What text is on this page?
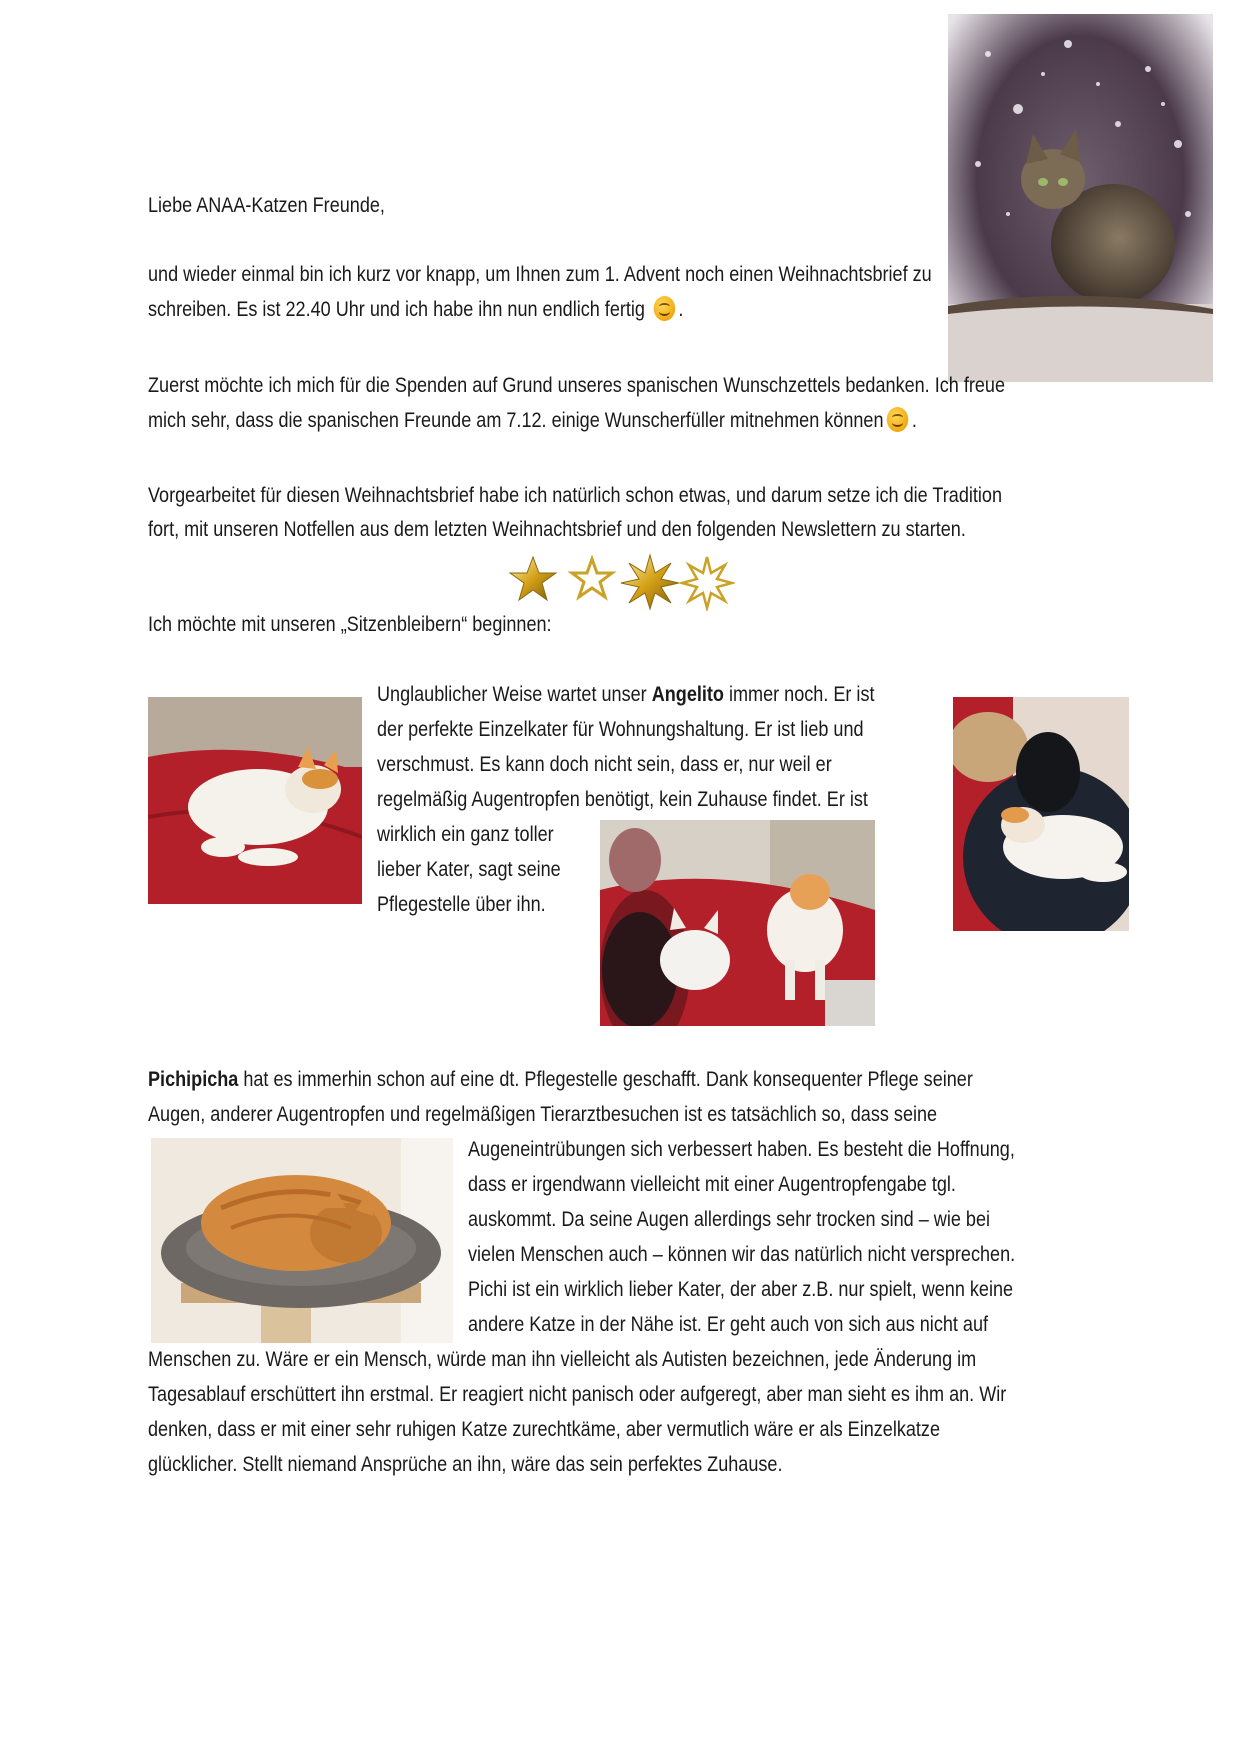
Liebe ANAA-Katzen Freunde,
und wieder einmal bin ich kurz vor knapp, um Ihnen zum 1. Advent noch einen Weihnachtsbrief zu
schreiben. Es ist 22.40 Uhr und ich habe ihn nun endlich fertig .
Zuerst möchte ich mich für die Spenden auf Grund unseres spanischen Wunschzettels bedanken. Ich freue
mich sehr, dass die spanischen Freunde am 7.12. einige Wunscherfüller mitnehmen können .
Vorgearbeitet für diesen Weihnachtsbrief habe ich natürlich schon etwas, und darum setze ich die Tradition
fort, mit unseren Notfellen aus dem letzten Weihnachtsbrief und den folgenden Newslettern zu starten.
Ich möchte mit unseren „Sitzenbleibern“ beginnen:
Unglaublicher Weise wartet unser Angelito immer noch. Er ist
der perfekte Einzelkater für Wohnungshaltung. Er ist lieb und
verschmust. Es kann doch nicht sein, dass er, nur weil er
regelmäßig Augentropfen benötigt, kein Zuhause findet. Er ist
wirklich ein ganz toller
lieber Kater, sagt seine
Pflegestelle über ihn.
Pichipicha hat es immerhin schon auf eine dt. Pflegestelle geschafft. Dank konsequenter Pflege seiner
Augen, anderer Augentropfen und regelmäßigen Tierarztbesuchen ist es tatsächlich so, dass seine
Augeneintrübungen sich verbessert haben. Es besteht die Hoffnung,
dass er irgendwann vielleicht mit einer Augentropfengabe tgl.
auskommt. Da seine Augen allerdings sehr trocken sind – wie bei
vielen Menschen auch – können wir das natürlich nicht versprechen.
Pichi ist ein wirklich lieber Kater, der aber z.B. nur spielt, wenn keine
andere Katze in der Nähe ist. Er geht auch von sich aus nicht auf
Menschen zu. Wäre er ein Mensch, würde man ihn vielleicht als Autisten bezeichnen, jede Änderung im
Tagesablauf erschüttert ihn erstmal. Er reagiert nicht panisch oder aufgeregt, aber man sieht es ihm an. Wir
denken, dass er mit einer sehr ruhigen Katze zurechtkäme, aber vermutlich wäre er als Einzelkatze
glücklicher. Stellt niemand Ansprüche an ihn, wäre das sein perfektes Zuhause.
